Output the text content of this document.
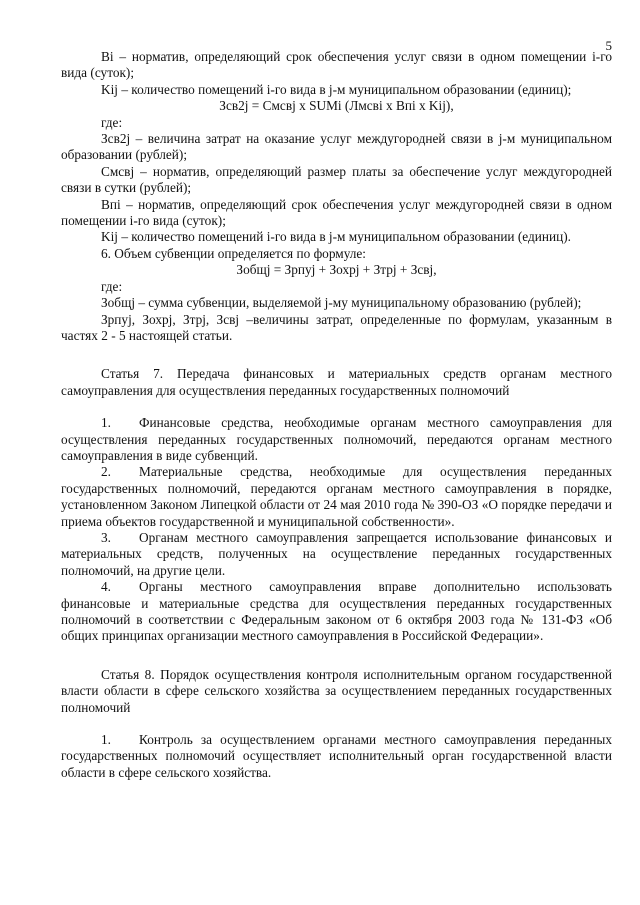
5

Bi – норматив, определяющий срок обеспечения услуг связи в одном помещении i-го вида (суток);

Kij – количество помещений i-го вида в j-м муниципальном образовании (единиц);

Зсв2j = Смсвj x SUMi (Лмсвi x Впi x Kij),

где:

Зсв2j – величина затрат на оказание услуг междугородней связи в j-м муниципальном образовании (рублей);

Смсвj – норматив, определяющий размер платы за обеспечение услуг междугородней связи в сутки (рублей);

Впi – норматив, определяющий срок обеспечения услуг междугородней связи в одном помещении i-го вида (суток);

Kij – количество помещений i-го вида в j-м муниципальном образовании (единиц).

6. Объем субвенции определяется по формуле:

Зобщj = Зрпуj + Зохрj + Зтрj + Зсвj,

где:

Зобщj – сумма субвенции, выделяемой j-му муниципальному образованию (рублей);

Зрпуj, Зохрj, Зтрj, Зсвj –величины затрат, определенные по формулам, указанным в частях 2 - 5 настоящей статьи.

Статья 7. Передача финансовых и материальных средств органам местного самоуправления для осуществления переданных государственных полномочий

1. Финансовые средства, необходимые органам местного самоуправления для осуществления переданных государственных полномочий, передаются органам местного самоуправления в виде субвенций.

2. Материальные средства, необходимые для осуществления переданных государственных полномочий, передаются органам местного самоуправления в порядке, установленном Законом Липецкой области от 24 мая 2010 года № 390-ОЗ «О порядке передачи и приема объектов государственной и муниципальной собственности».

3. Органам местного самоуправления запрещается использование финансовых и материальных средств, полученных на осуществление переданных государственных полномочий, на другие цели.

4. Органы местного самоуправления вправе дополнительно использовать финансовые и материальные средства для осуществления переданных государственных полномочий в соответствии с Федеральным законом от 6 октября 2003 года № 131-ФЗ «Об общих принципах организации местного самоуправления в Российской Федерации».

Статья 8. Порядок осуществления контроля исполнительным органом государственной власти области в сфере сельского хозяйства за осуществлением переданных государственных полномочий

1. Контроль за осуществлением органами местного самоуправления переданных государственных полномочий осуществляет исполнительный орган государственной власти области в сфере сельского хозяйства.
